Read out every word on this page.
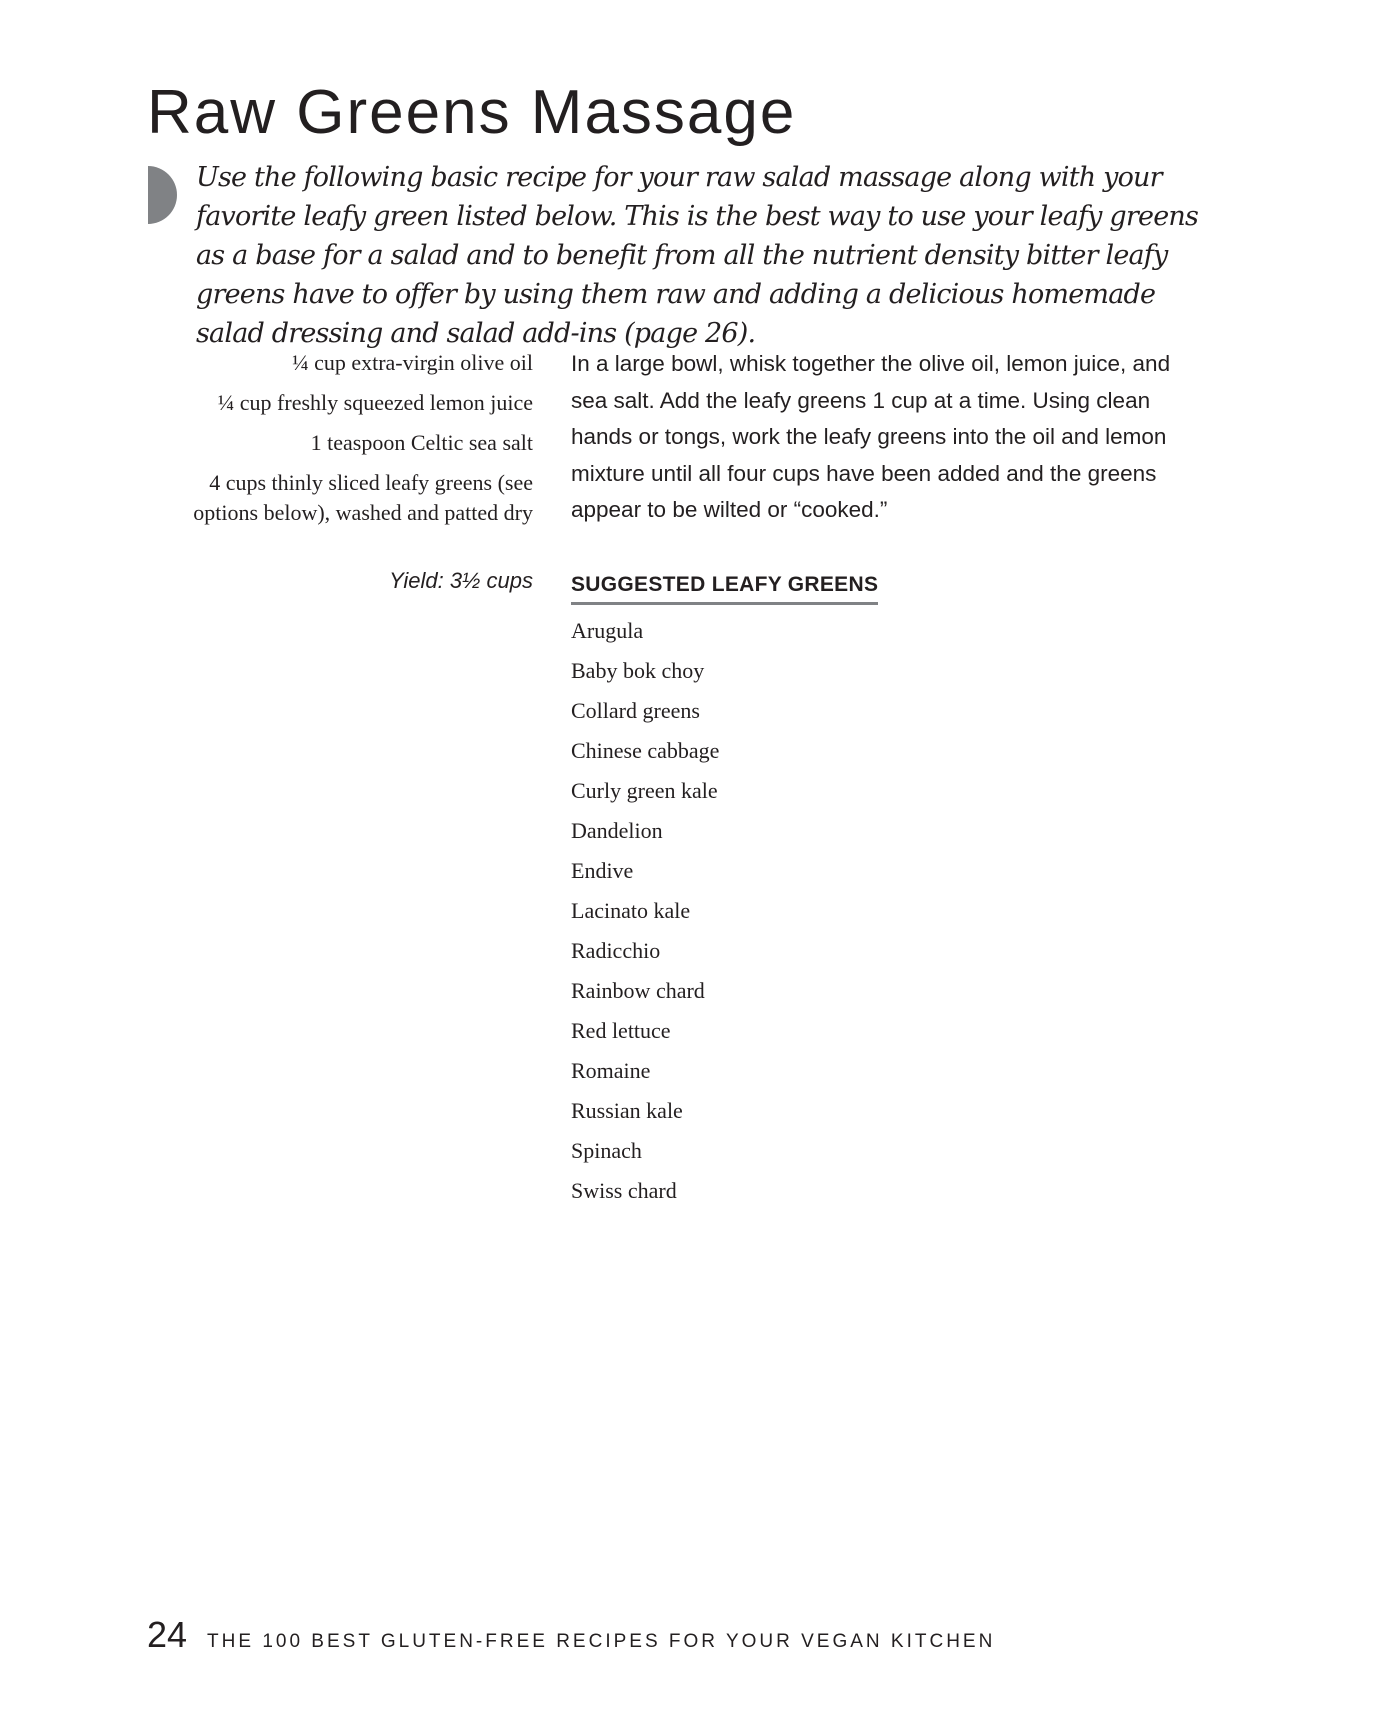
Raw Greens Massage

Use the following basic recipe for your raw salad massage along with your favorite leafy green listed below. This is the best way to use your leafy greens as a base for a salad and to benefit from all the nutrient density bitter leafy greens have to offer by using them raw and adding a delicious homemade salad dressing and salad add-ins (page 26).

¼ cup extra-virgin olive oil
¼ cup freshly squeezed lemon juice
1 teaspoon Celtic sea salt
4 cups thinly sliced leafy greens (see options below), washed and patted dry

Yield: 3½ cups

In a large bowl, whisk together the olive oil, lemon juice, and sea salt. Add the leafy greens 1 cup at a time. Using clean hands or tongs, work the leafy greens into the oil and lemon mixture until all four cups have been added and the greens appear to be wilted or “cooked.”

SUGGESTED LEAFY GREENS
Arugula
Baby bok choy
Collard greens
Chinese cabbage
Curly green kale
Dandelion
Endive
Lacinato kale
Radicchio
Rainbow chard
Red lettuce
Romaine
Russian kale
Spinach
Swiss chard
24 THE 100 BEST GLUTEN-FREE RECIPES FOR YOUR VEGAN KITCHEN
